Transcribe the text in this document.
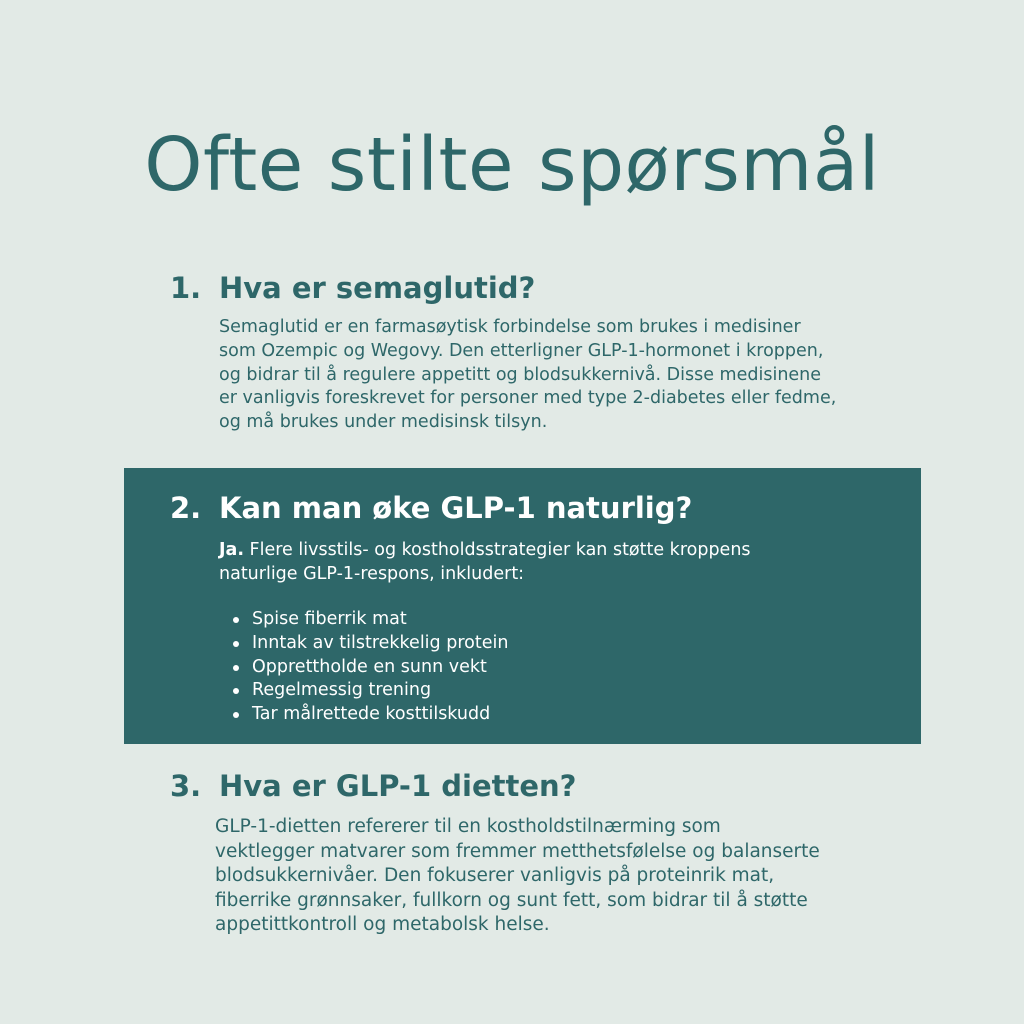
Ofte stilte spørsmål
1. Hva er semaglutid?

Semaglutid er en farmasøytisk forbindelse som brukes i medisiner

som Ozempic og Wegovy. Den etterligner GLP-1-hormonet i kroppen,

og bidrar til å regulere appetitt og blodsukkernivå. Disse medisinene

er vanligvis foreskrevet for personer med type 2-diabetes eller fedme,

og må brukes under medisinsk tilsyn.

2. Kan man øke GLP-1 naturlig?

Ja. Flere livsstils- og kostholdsstrategier kan støtte kroppens

naturlige GLP-1-respons, inkludert:

Spise fiberrik mat
Inntak av tilstrekkelig protein
Opprettholde en sunn vekt
Regelmessig trening
Tar målrettede kosttilskudd
3. Hva er GLP-1 dietten?

GLP-1-dietten refererer til en kostholdstilnærming som

vektlegger matvarer som fremmer metthetsfølelse og balanserte

blodsukkernivåer. Den fokuserer vanligvis på proteinrik mat,

fiberrike grønnsaker, fullkorn og sunt fett, som bidrar til å støtte

appetittkontroll og metabolsk helse.
